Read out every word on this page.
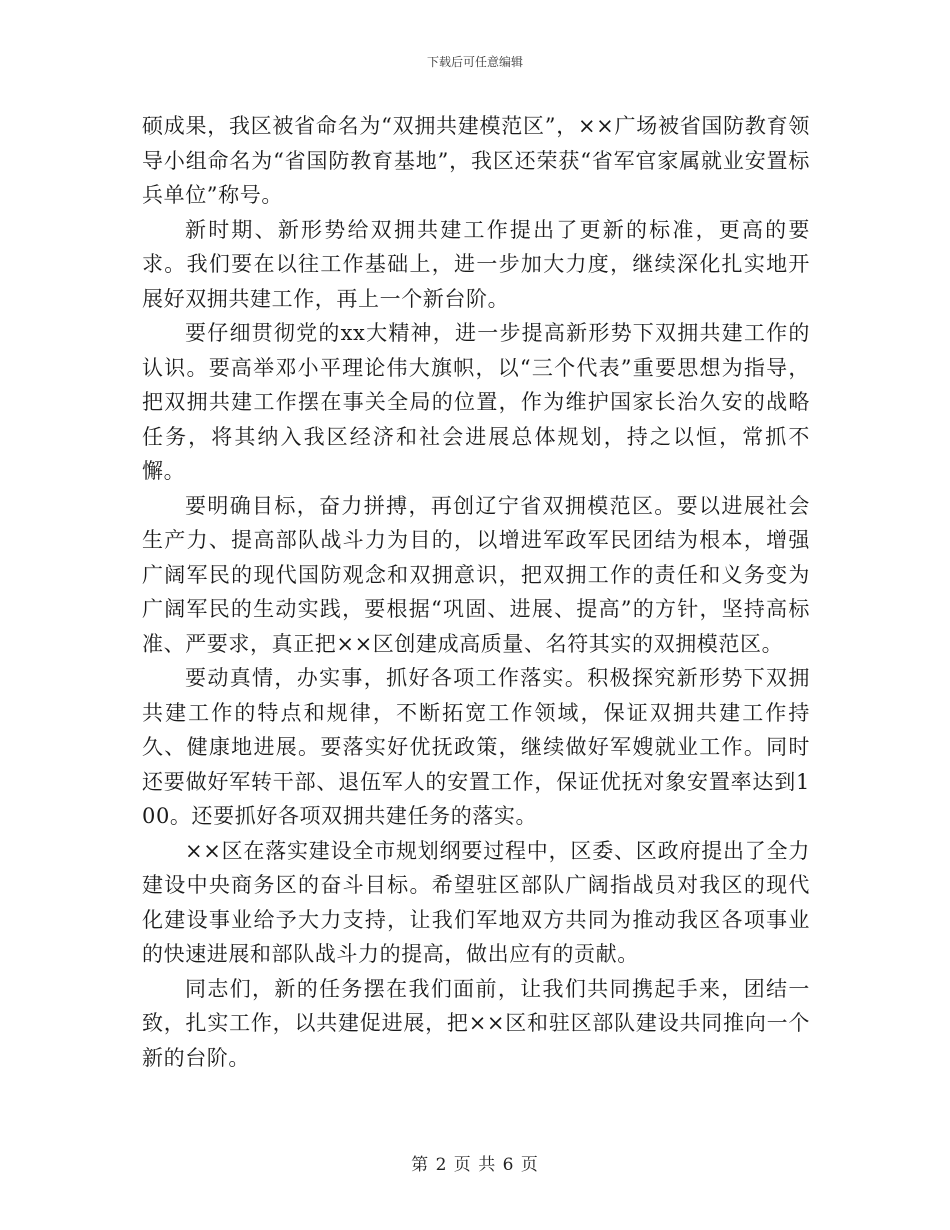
下载后可任意编辑

硕成果，我区被省命名为“双拥共建模范区”，××广场被省国防教育领导小组命名为“省国防教育基地”，我区还荣获“省军官家属就业安置标兵单位”称号。

新时期、新形势给双拥共建工作提出了更新的标准，更高的要求。我们要在以往工作基础上，进一步加大力度，继续深化扎实地开展好双拥共建工作，再上一个新台阶。

要仔细贯彻党的xx大精神，进一步提高新形势下双拥共建工作的认识。要高举邓小平理论伟大旗帜，以“三个代表”重要思想为指导，把双拥共建工作摆在事关全局的位置，作为维护国家长治久安的战略任务，将其纳入我区经济和社会进展总体规划，持之以恒，常抓不懈。

要明确目标，奋力拼搏，再创辽宁省双拥模范区。要以进展社会生产力、提高部队战斗力为目的，以增进军政军民团结为根本，增强广阔军民的现代国防观念和双拥意识，把双拥工作的责任和义务变为广阔军民的生动实践，要根据“巩固、进展、提高”的方针，坚持高标准、严要求，真正把××区创建成高质量、名符其实的双拥模范区。

要动真情，办实事，抓好各项工作落实。积极探究新形势下双拥共建工作的特点和规律，不断拓宽工作领域，保证双拥共建工作持久、健康地进展。要落实好优抚政策，继续做好军嫂就业工作。同时还要做好军转干部、退伍军人的安置工作，保证优抚对象安置率达到100。还要抓好各项双拥共建任务的落实。

××区在落实建设全市规划纲要过程中，区委、区政府提出了全力建设中央商务区的奋斗目标。希望驻区部队广阔指战员对我区的现代化建设事业给予大力支持，让我们军地双方共同为推动我区各项事业的快速进展和部队战斗力的提高，做出应有的贡献。

同志们，新的任务摆在我们面前，让我们共同携起手来，团结一致，扎实工作，以共建促进展，把××区和驻区部队建设共同推向一个新的台阶。

第 2 页 共 6 页
